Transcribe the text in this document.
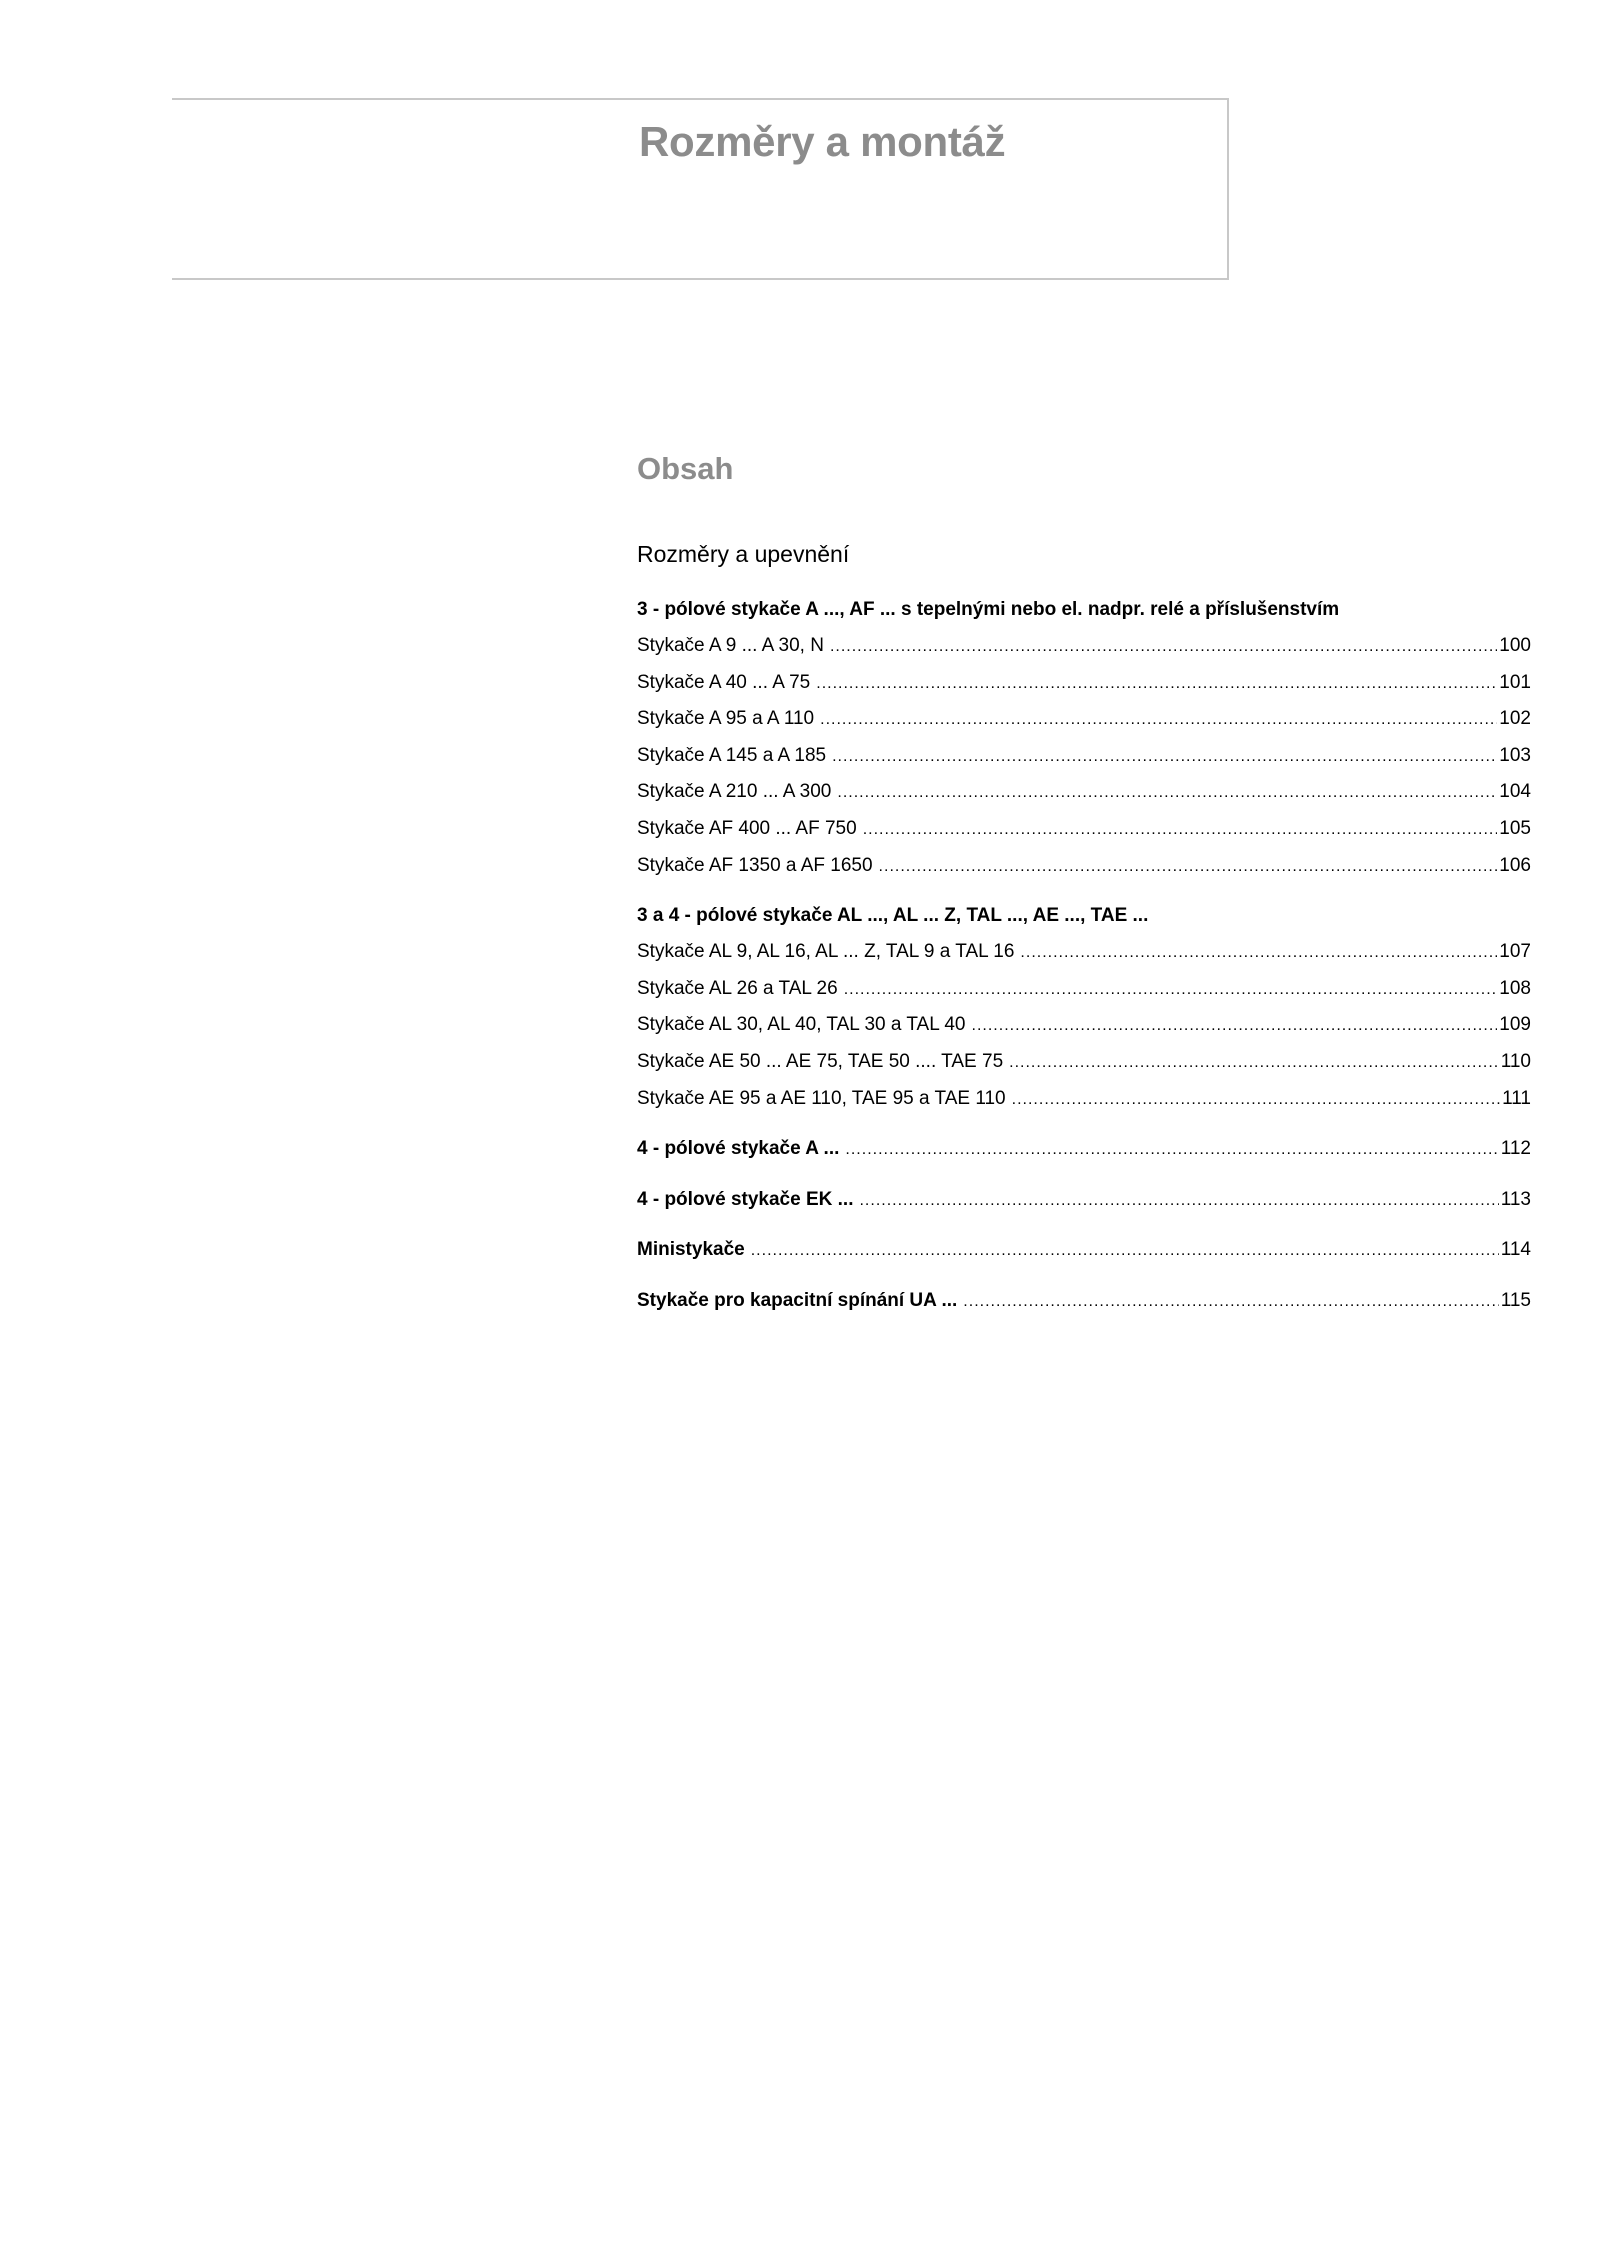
Rozměry a montáž
Obsah
Rozměry a upevnění
3 - pólové stykače A ..., AF ... s tepelnými nebo el. nadpr. relé a příslušenstvím
Stykače A 9 ... A 30, N .....	100
Stykače A 40 ... A 75 .....	101
Stykače A 95 a A 110 .....	102
Stykače A 145 a A 185 .....	103
Stykače A 210 ... A 300 .....	104
Stykače AF 400 ... AF 750 .....	105
Stykače AF 1350 a AF 1650 .....	106
3 a 4 - pólové stykače AL ..., AL ... Z, TAL ..., AE ..., TAE ...
Stykače AL 9, AL 16, AL ... Z, TAL 9 a TAL 16 .....	107
Stykače AL 26 a TAL 26 .....	108
Stykače AL 30, AL 40, TAL 30 a TAL 40 .....	109
Stykače AE 50 ... AE 75, TAE 50 .... TAE 75 .....	110
Stykače AE 95 a AE 110, TAE 95 a TAE 110 .....	111
4 - pólové stykače A ... .....	112
4 - pólové stykače EK ... .....	113
Ministykače .....	114
Stykače pro kapacitní spínání UA ... .....	115
